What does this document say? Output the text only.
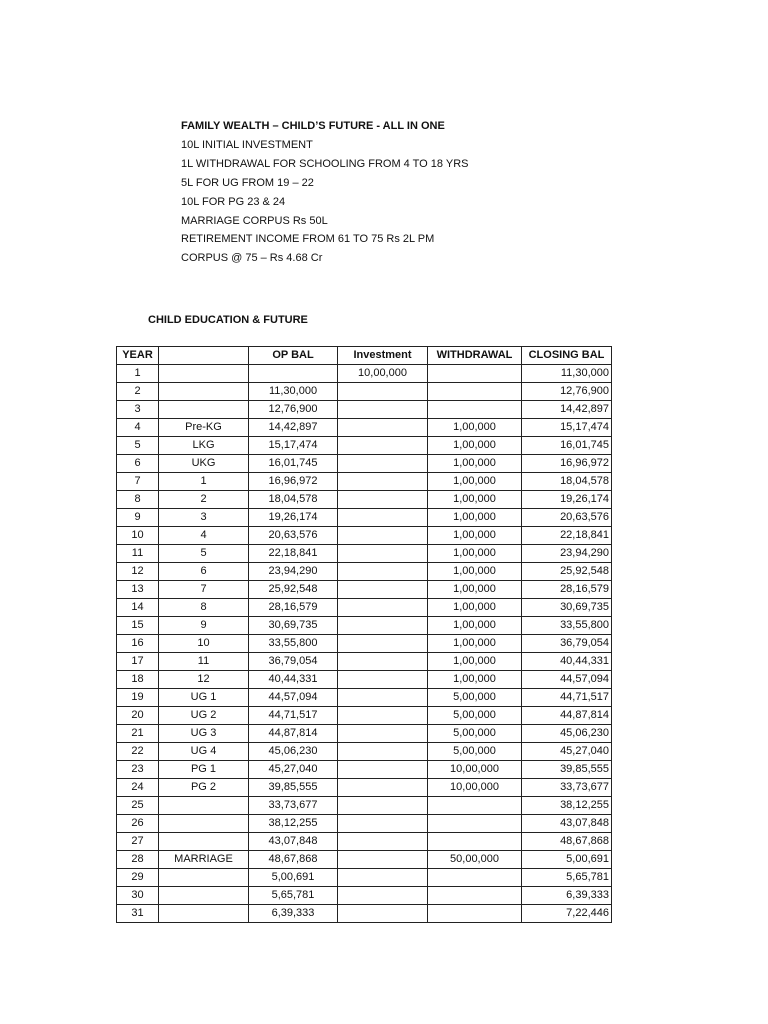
FAMILY WEALTH – CHILD’S FUTURE - ALL IN ONE
10L INITIAL INVESTMENT
1L WITHDRAWAL FOR SCHOOLING FROM 4 TO 18 YRS
5L FOR UG FROM 19 – 22
10L FOR PG 23 & 24
MARRIAGE CORPUS Rs 50L
RETIREMENT INCOME FROM 61 TO 75 Rs 2L PM
CORPUS @ 75 – Rs 4.68 Cr
CHILD EDUCATION & FUTURE
YEAR		OP BAL	Investment	WITHDRAWAL	CLOSING BAL
1			10,00,000		11,30,000
2		11,30,000			12,76,900
3		12,76,900			14,42,897
4	Pre-KG	14,42,897		1,00,000	15,17,474
5	LKG	15,17,474		1,00,000	16,01,745
6	UKG	16,01,745		1,00,000	16,96,972
7	1	16,96,972		1,00,000	18,04,578
8	2	18,04,578		1,00,000	19,26,174
9	3	19,26,174		1,00,000	20,63,576
10	4	20,63,576		1,00,000	22,18,841
11	5	22,18,841		1,00,000	23,94,290
12	6	23,94,290		1,00,000	25,92,548
13	7	25,92,548		1,00,000	28,16,579
14	8	28,16,579		1,00,000	30,69,735
15	9	30,69,735		1,00,000	33,55,800
16	10	33,55,800		1,00,000	36,79,054
17	11	36,79,054		1,00,000	40,44,331
18	12	40,44,331		1,00,000	44,57,094
19	UG 1	44,57,094		5,00,000	44,71,517
20	UG 2	44,71,517		5,00,000	44,87,814
21	UG 3	44,87,814		5,00,000	45,06,230
22	UG 4	45,06,230		5,00,000	45,27,040
23	PG 1	45,27,040		10,00,000	39,85,555
24	PG 2	39,85,555		10,00,000	33,73,677
25		33,73,677			38,12,255
26		38,12,255			43,07,848
27		43,07,848			48,67,868
28	MARRIAGE	48,67,868		50,00,000	5,00,691
29		5,00,691			5,65,781
30		5,65,781			6,39,333
31		6,39,333			7,22,446
